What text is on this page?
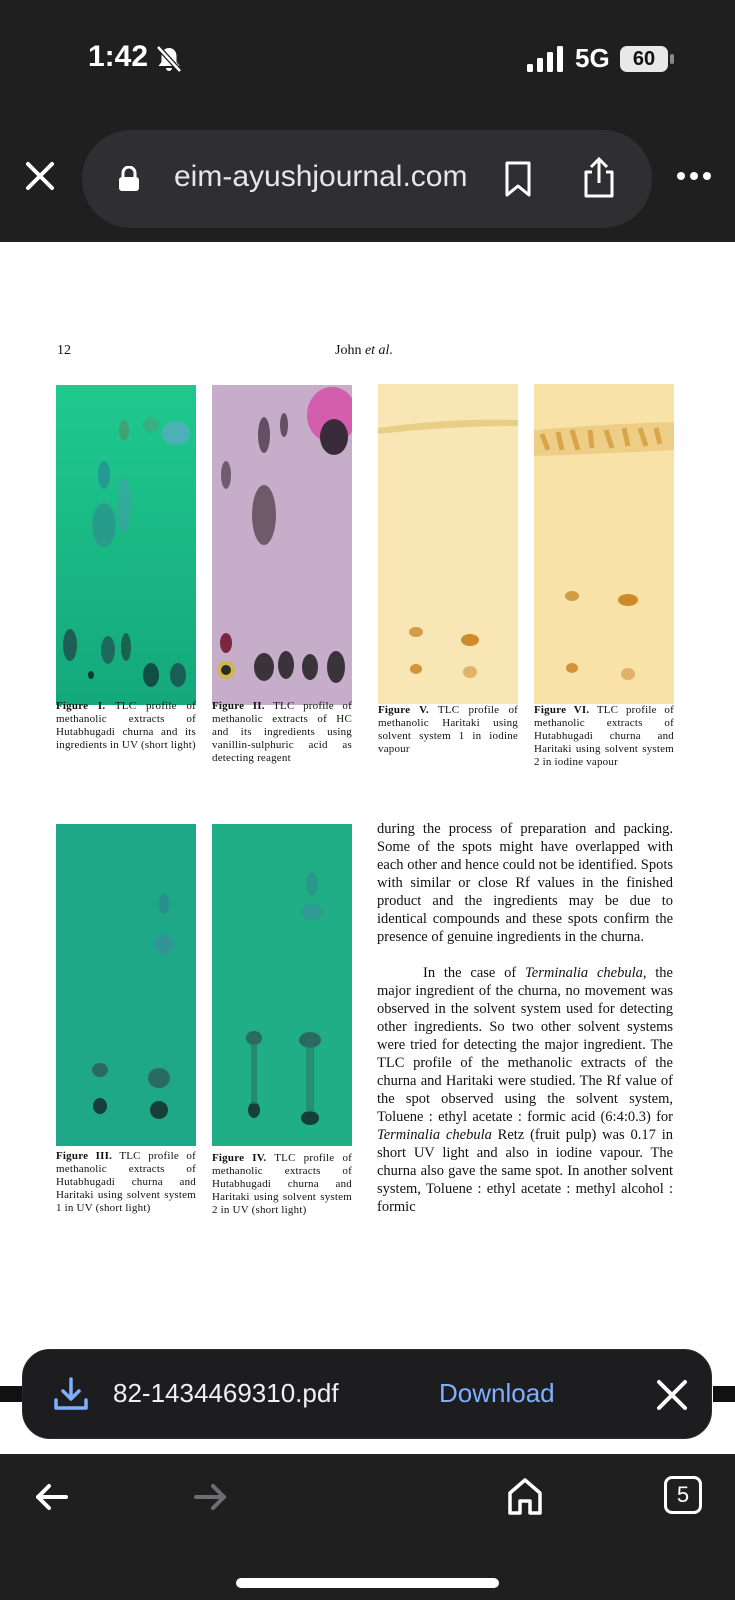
1:42	5G	60
eim-ayushjournal.com
12	John et al.
Figure I. TLC profile of methanolic extracts of Hutabhugadi churna and its ingredients in UV (short light)
Figure II. TLC profile of methanolic extracts of HC and its ingredients using vanillin-sulphuric acid as detecting reagent
Figure V. TLC profile of methanolic Haritaki using solvent system 1 in iodine vapour
Figure VI. TLC profile of methanolic extracts of Hutabhugadi churna and Haritaki using solvent system 2 in iodine vapour
Figure III. TLC profile of methanolic extracts of Hutabhugadi churna and Haritaki using solvent system 1 in UV (short light)
Figure IV. TLC profile of methanolic extracts of Hutabhugadi churna and Haritaki using solvent system 2 in UV (short light)

during the process of preparation and packing. Some of the spots might have overlapped with each other and hence could not be identified. Spots with similar or close Rf values in the finished product and the ingredients may be due to identical compounds and these spots confirm the presence of genuine ingredients in the churna.

In the case of Terminalia chebula, the major ingredient of the churna, no movement was observed in the solvent system used for detecting other ingredients. So two other solvent systems were tried for detecting the major ingredient. The TLC profile of the methanolic extracts of the churna and Haritaki were studied. The Rf value of the spot observed using the solvent system, Toluene : ethyl acetate : formic acid (6:4:0.3) for Terminalia chebula Retz (fruit pulp) was 0.17 in short UV light and also in iodine vapour. The churna also gave the same spot. In another solvent system, Toluene : ethyl acetate : methyl alcohol : formic

82-1434469310.pdf	Download
5
